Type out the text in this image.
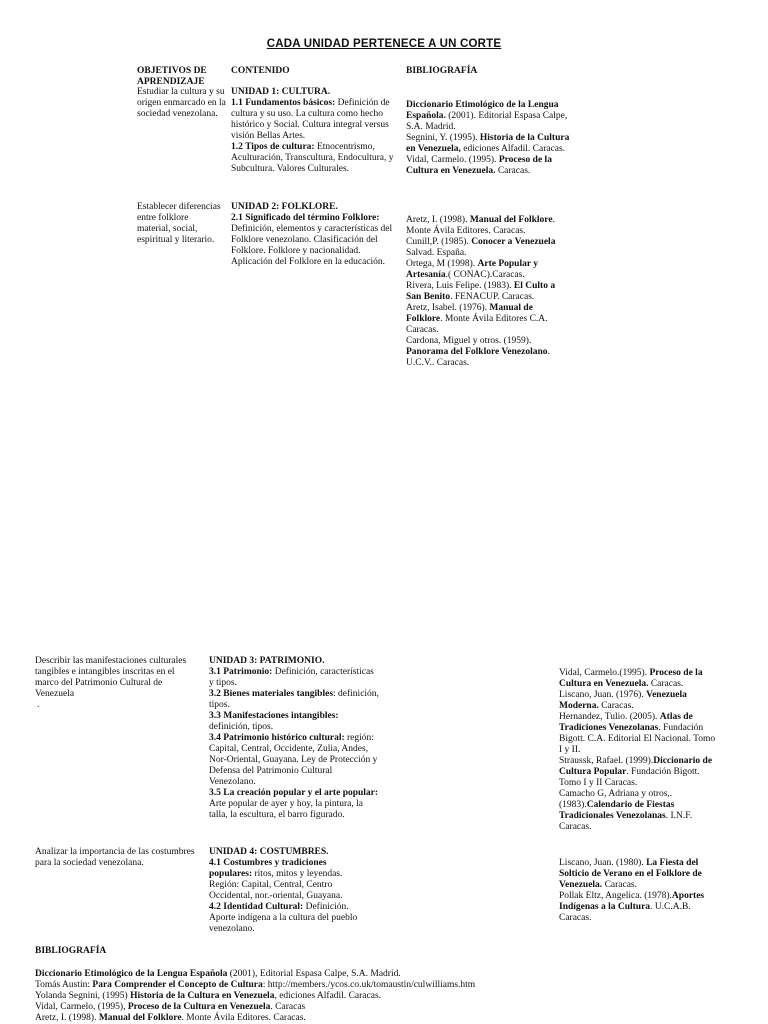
CADA UNIDAD PERTENECE A UN CORTE
OBJETIVOS DE APRENDIZAJE
CONTENIDO	BIBLIOGRAFÍA
Estudiar la cultura y su origen enmarcado en la sociedad venezolana.

UNIDAD 1: CULTURA.

1.1 Fundamentos básicos: Definición de cultura y su uso. La cultura como hecho histórico y Social. Cultura integral versus visión Bellas Artes.

1.2 Tipos de cultura: Etnocentrismo, Aculturación, Transcultura, Endocultura, y Subcultura. Valores Culturales.

Diccionario Etimológico de la Lengua Española. (2001). Editorial Espasa Calpe, S.A. Madrid.

Segnini, Y. (1995). Historia de la Cultura en Venezuela, ediciones Alfadil. Caracas.

Vidal, Carmelo. (1995). Proceso de la Cultura en Venezuela. Caracas.

Establecer diferencias entre folklore material, social, espiritual y literario.

UNIDAD 2: FOLKLORE.

2.1 Significado del término Folklore: Definición, elementos y características del Folklore venezolano. Clasificación del Folklore. Folklore y nacionalidad. Aplicación del Folklore en la educación.

Aretz, I. (1998). Manual del Folklore. Monte Ávila Editores. Caracas.

Cunill,P. (1985). Conocer a Venezuela Salvad. España.

Ortega, M (1998). Arte Popular y Artesanía.( CONAC).Caracas.

Rivera, Luis Felipe. (1983). El Culto a San Benito. FENACUP. Caracas.

Aretz, Isabel. (1976). Manual de Folklore. Monte Ávila Editores C.A. Caracas.

Cardona, Miguel y otros. (1959). Panorama del Folklore Venezolano. U.C.V.. Caracas.

Describir las manifestaciones culturales tangibles e intangibles inscritas en el marco del Patrimonio Cultural de Venezuela

.

UNIDAD 3: PATRIMONIO.

3.1 Patrimonio: Definición, características y tipos.

3.2 Bienes materiales tangibles: definición, tipos.

3.3 Manifestaciones intangibles: definición, tipos.

3.4 Patrimonio histórico cultural: región: Capital, Central, Occidente, Zulia, Andes, Nor-Oriental, Guayana. Ley de Protección y Defensa del Patrimonio Cultural Venezolano.

3.5 La creación popular y el arte popular: Arte popular de ayer y hoy, la pintura, la talla, la escultura, el barro figurado.

Vidal, Carmelo.(1995). Proceso de la Cultura en Venezuela. Caracas.

Liscano, Juan. (1976). Venezuela Moderna. Caracas.

Hernandez, Tulio. (2005). Atlas de Tradiciones Venezolanas. Fundación Bigott. C.A. Editorial El Nacional. Tomo I y II.

Straussk, Rafael. (1999).Diccionario de Cultura Popular. Fundación Bigott. Tomo I y II Caracas.

Camacho G, Adriana y otros,. (1983).Calendario de Fiestas Tradicionales Venezolanas. I.N.F. Caracas.

Analizar la importancia de las costumbres para la sociedad venezolana.

UNIDAD 4: COSTUMBRES.

4.1 Costumbres y tradiciones populares: ritos, mitos y leyendas. Región: Capital, Central, Centro Occidental, nor.-oriental, Guayana.

4.2 Identidad Cultural: Definición. Aporte indígena a la cultura del pueblo venezolano.

Liscano, Juan. (1980). La Fiesta del Solticio de Verano en el Folklore de Venezuela. Caracas.

Pollak Eltz, Angelica. (1978).Aportes Indígenas a la Cultura. U.C.A.B. Caracas.

BIBLIOGRAFÍA

Diccionario Etimológico de la Lengua Española (2001), Editorial Espasa Calpe, S.A. Madrid.

Tomás Austin: Para Comprender el Concepto de Cultura: http://members./ycos.co.uk/tomaustin/culwilliams.htm

Yolanda Segnini, (1995) Historia de la Cultura en Venezuela, ediciones Alfadil. Caracas.

Vidal, Carmelo, (1995), Proceso de la Cultura en Venezuela. Caracas

Aretz, I. (1998). Manual del Folklore. Monte Ávila Editores. Caracas.
